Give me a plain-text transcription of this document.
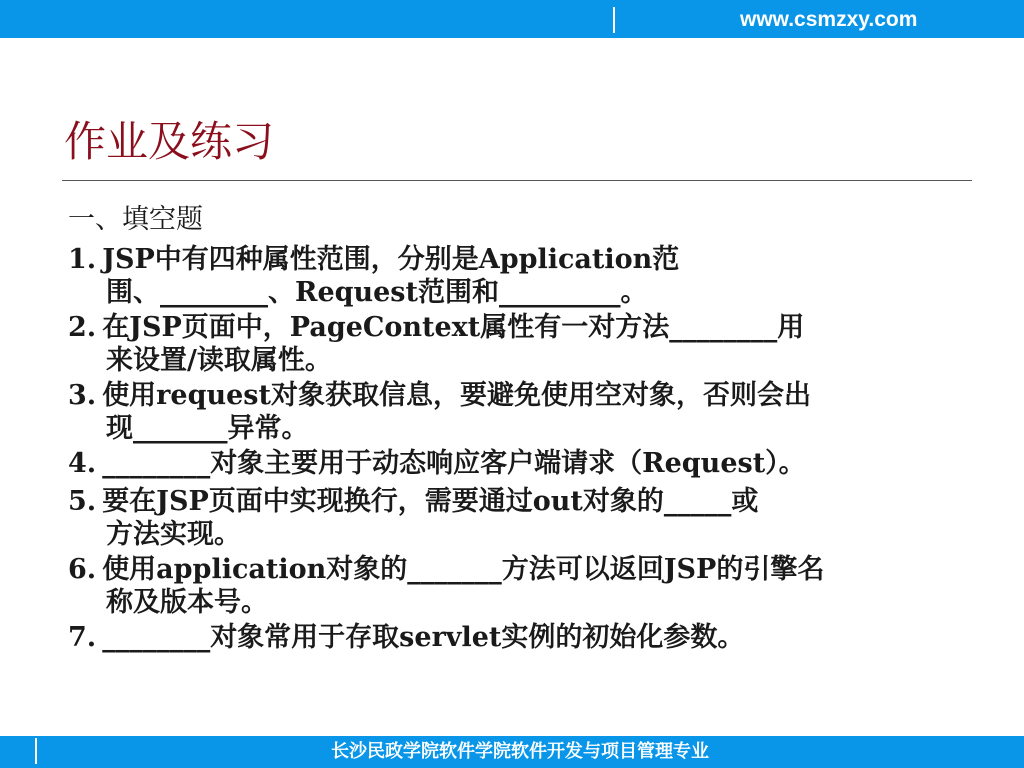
www.csmzxy.com
作业及练习
一、填空题
1. JSP中有四种属性范围，分别是Application范
围、________、Request范围和_________。
2. 在JSP页面中，PageContext属性有一对方法________用
来设置/读取属性。
3. 使用request对象获取信息，要避免使用空对象，否则会出
现_______异常。
4. ________对象主要用于动态响应客户端请求（Request）。
5. 要在JSP页面中实现换行，需要通过out对象的_____或
方法实现。
6. 使用application对象的_______方法可以返回JSP的引擎名
称及版本号。
7. ________对象常用于存取servlet实例的初始化参数。
长沙民政学院软件学院软件开发与项目管理专业
